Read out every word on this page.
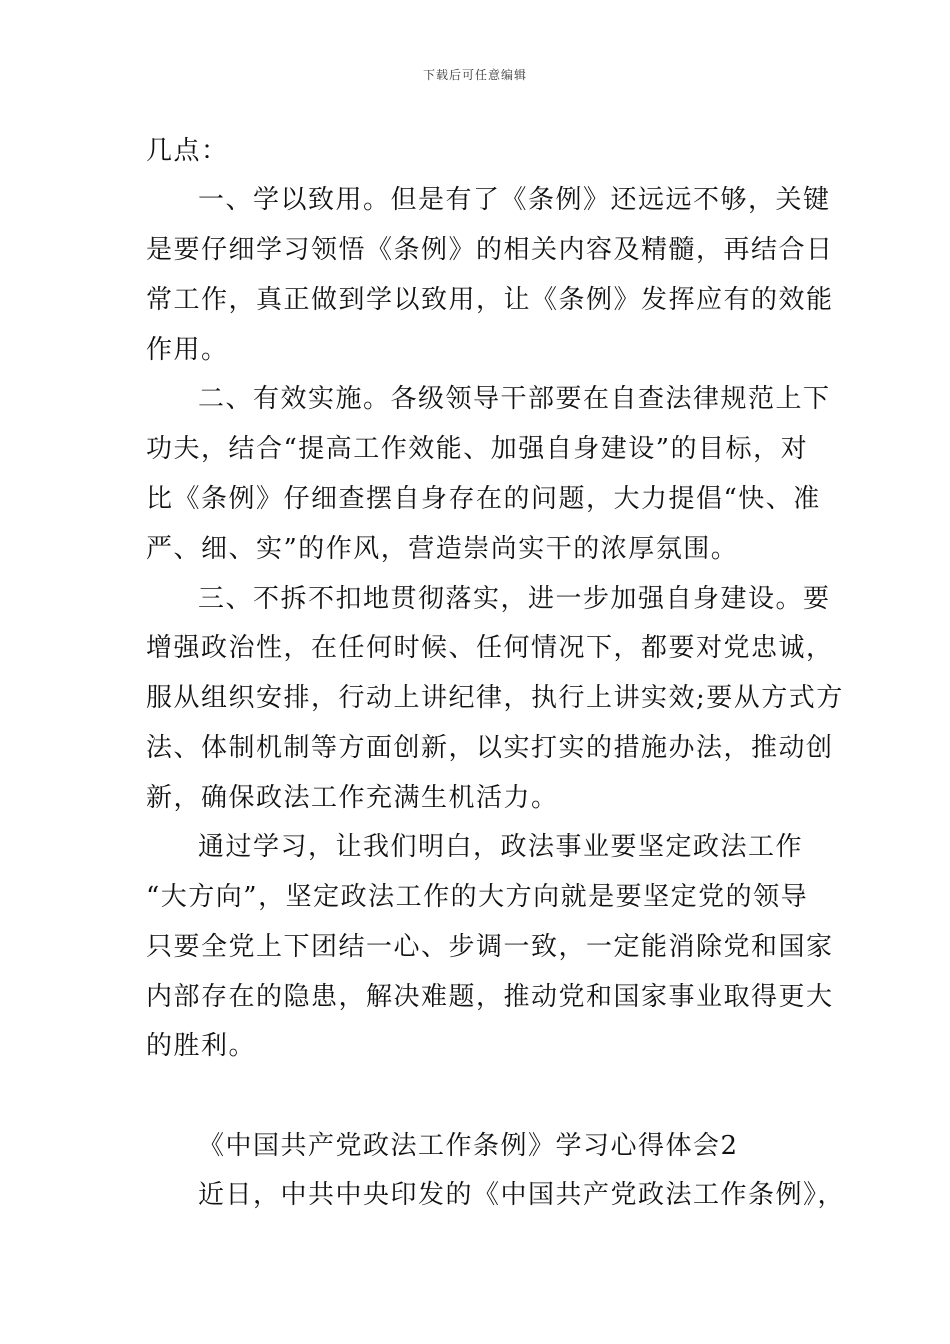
下载后可任意编辑
几点：
一、学以致用。但是有了《条例》还远远不够，关键
是要仔细学习领悟《条例》的相关内容及精髓，再结合日
常工作，真正做到学以致用，让《条例》发挥应有的效能
作用。
二、有效实施。各级领导干部要在自查法律规范上下
功夫，结合“提高工作效能、加强自身建设”的目标，对
比《条例》仔细查摆自身存在的问题，大力提倡“快、准
严、细、实”的作风，营造崇尚实干的浓厚氛围。
三、不拆不扣地贯彻落实，进一步加强自身建设。要
增强政治性，在任何时候、任何情况下，都要对党忠诚，
服从组织安排，行动上讲纪律，执行上讲实效;要从方式方
法、体制机制等方面创新，以实打实的措施办法，推动创
新，确保政法工作充满生机活力。
通过学习，让我们明白，政法事业要坚定政法工作
“大方向”，坚定政法工作的大方向就是要坚定党的领导
只要全党上下团结一心、步调一致，一定能消除党和国家
内部存在的隐患，解决难题，推动党和国家事业取得更大
的胜利。
《中国共产党政法工作条例》学习心得体会2
近日，中共中央印发的《中国共产党政法工作条例》，
